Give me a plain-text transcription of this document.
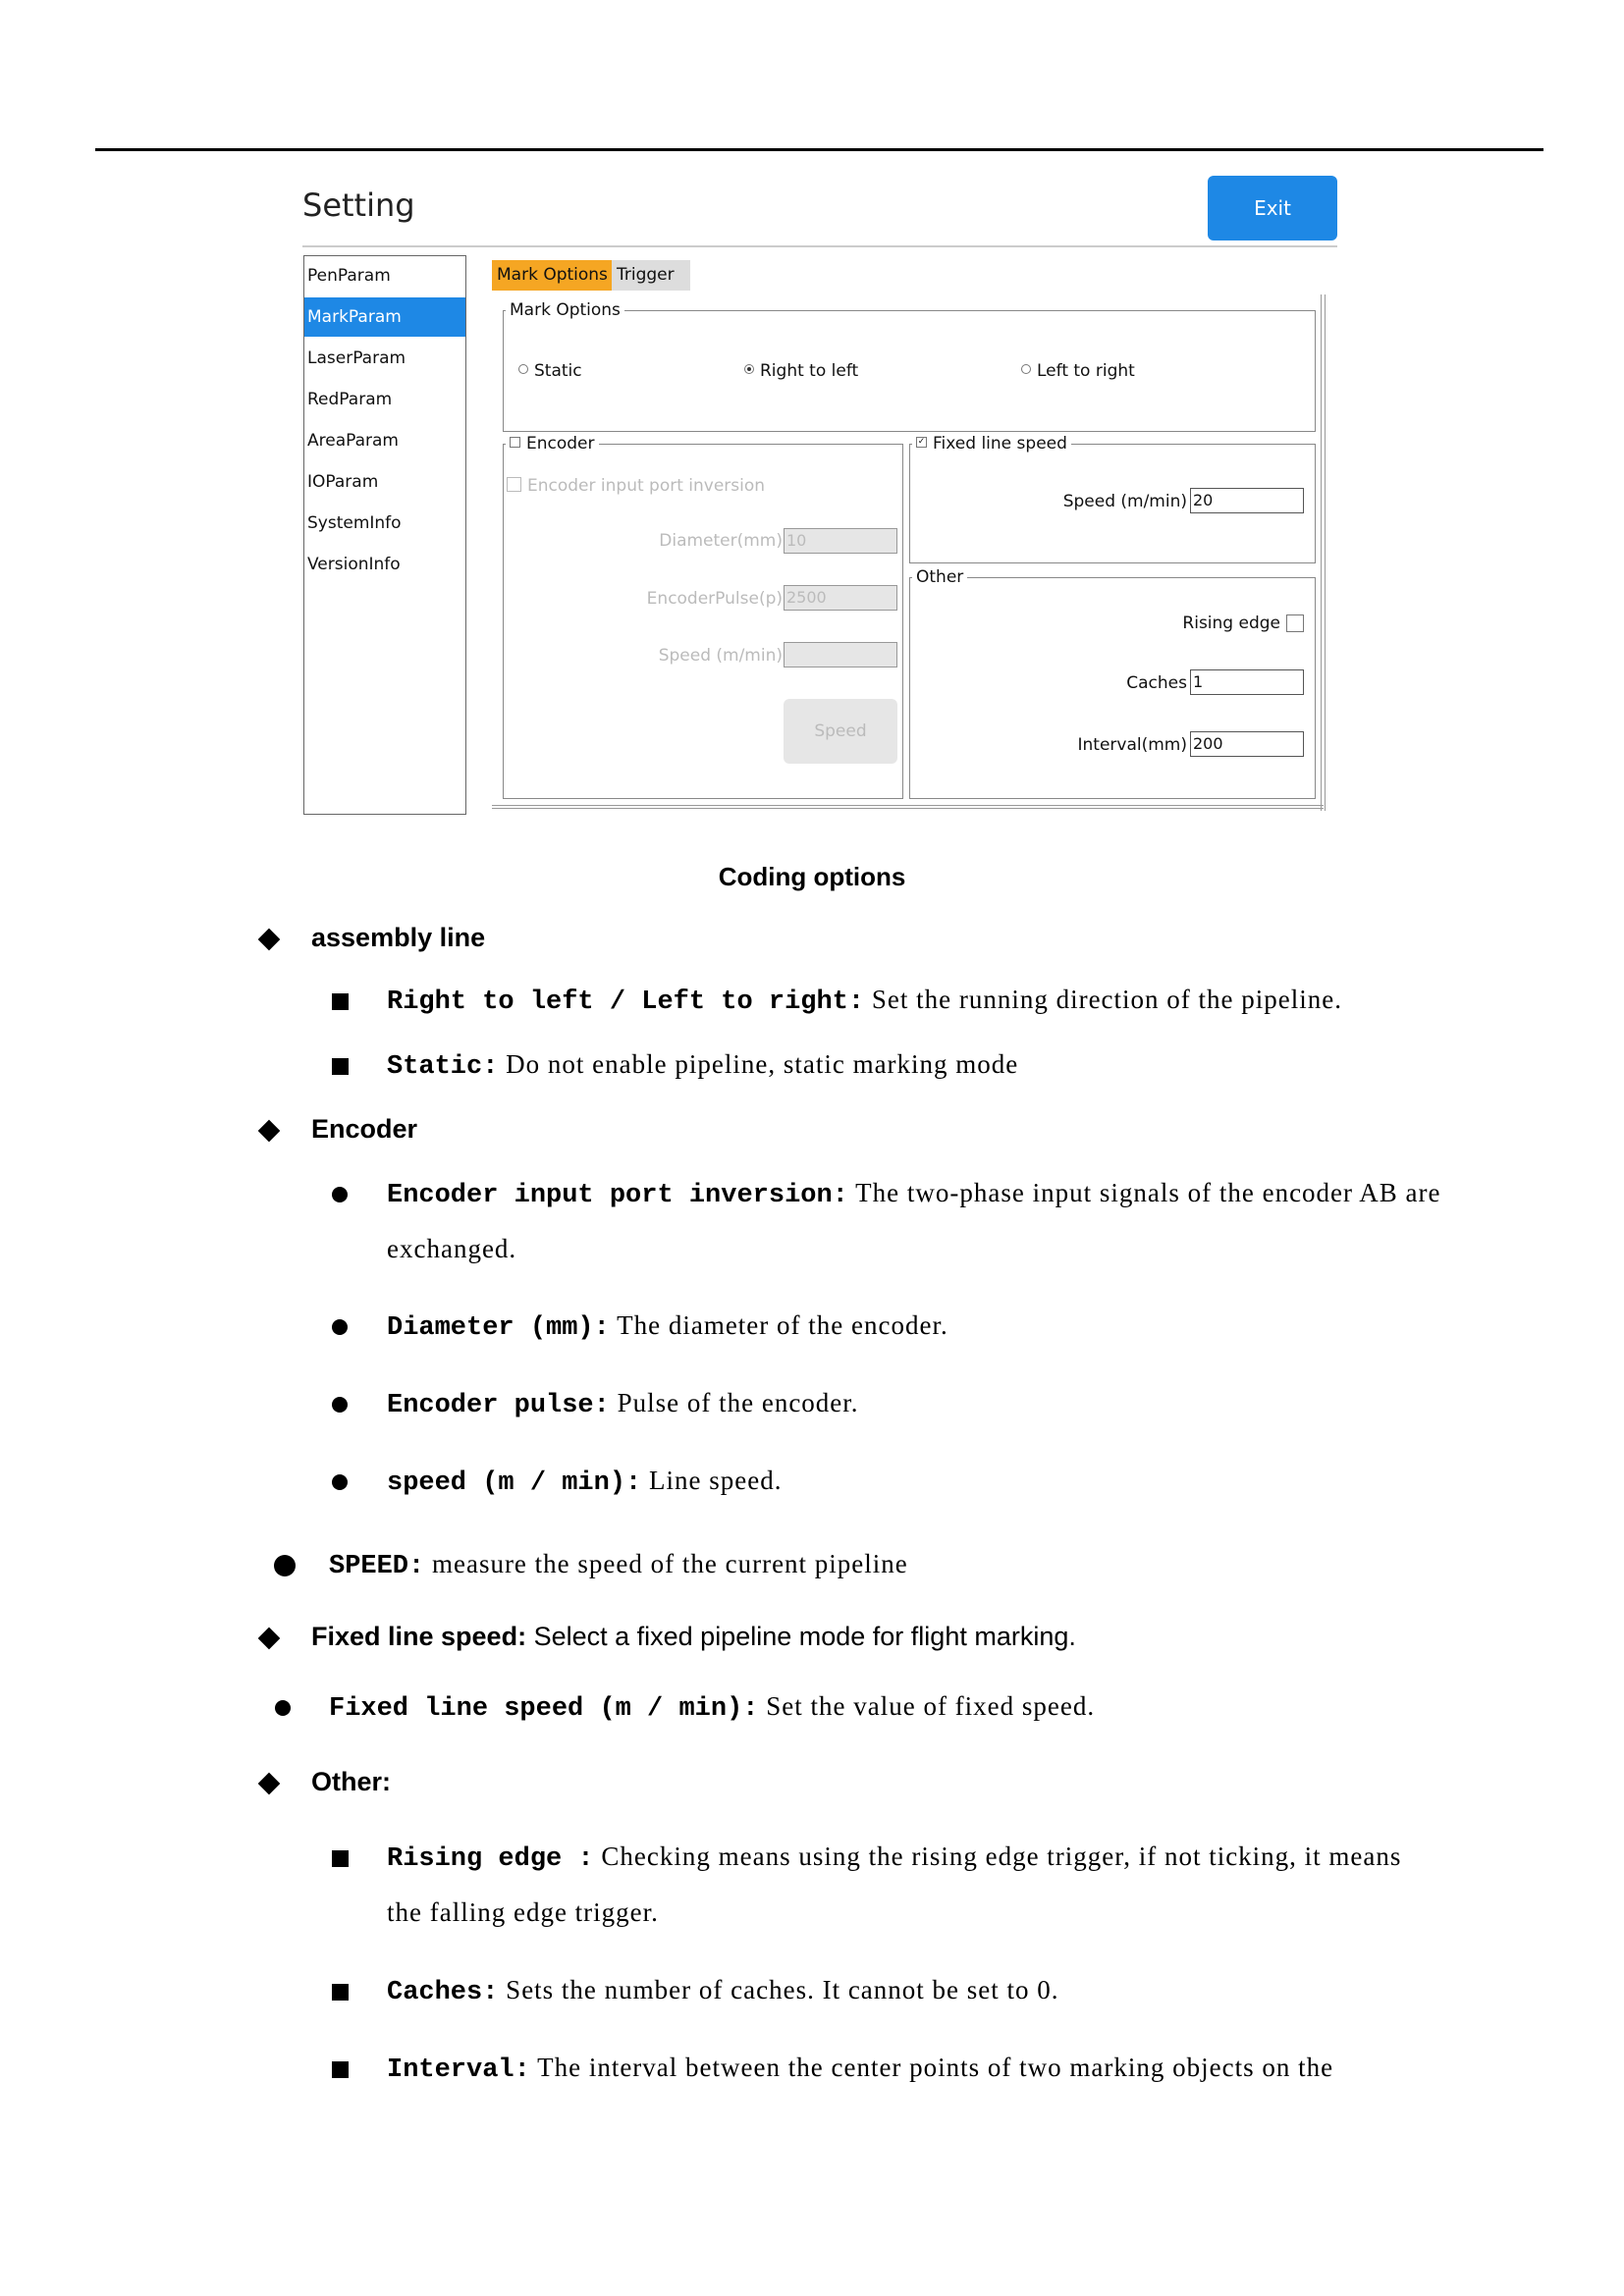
Setting	Exit
PenParam
MarkParam
LaserParam
RedParam
AreaParam
IOParam
SystemInfo
VersionInfo
Mark Options Trigger
Mark Options
Static	Right to left	Left to right
Encoder
Encoder input port inversion
Diameter(mm) 10
EncoderPulse(p) 2500
Speed (m/min)
Speed
✓ Fixed line speed
Speed (m/min) 20
Other
Rising edge
Caches 1
Interval(mm) 200
Coding options
assembly line
Right to left / Left to right: Set the running direction of the pipeline.
Static: Do not enable pipeline, static marking mode
Encoder
Encoder input port inversion: The two-phase input signals of the encoder AB are
exchanged.
Diameter (mm): The diameter of the encoder.
Encoder pulse: Pulse of the encoder.
speed (m / min): Line speed.
SPEED: measure the speed of the current pipeline
Fixed line speed: Select a fixed pipeline mode for flight marking.
Fixed line speed (m / min): Set the value of fixed speed.
Other:
Rising edge : Checking means using the rising edge trigger, if not ticking, it means
the falling edge trigger.
Caches: Sets the number of caches. It cannot be set to 0.
Interval: The interval between the center points of two marking objects on the
